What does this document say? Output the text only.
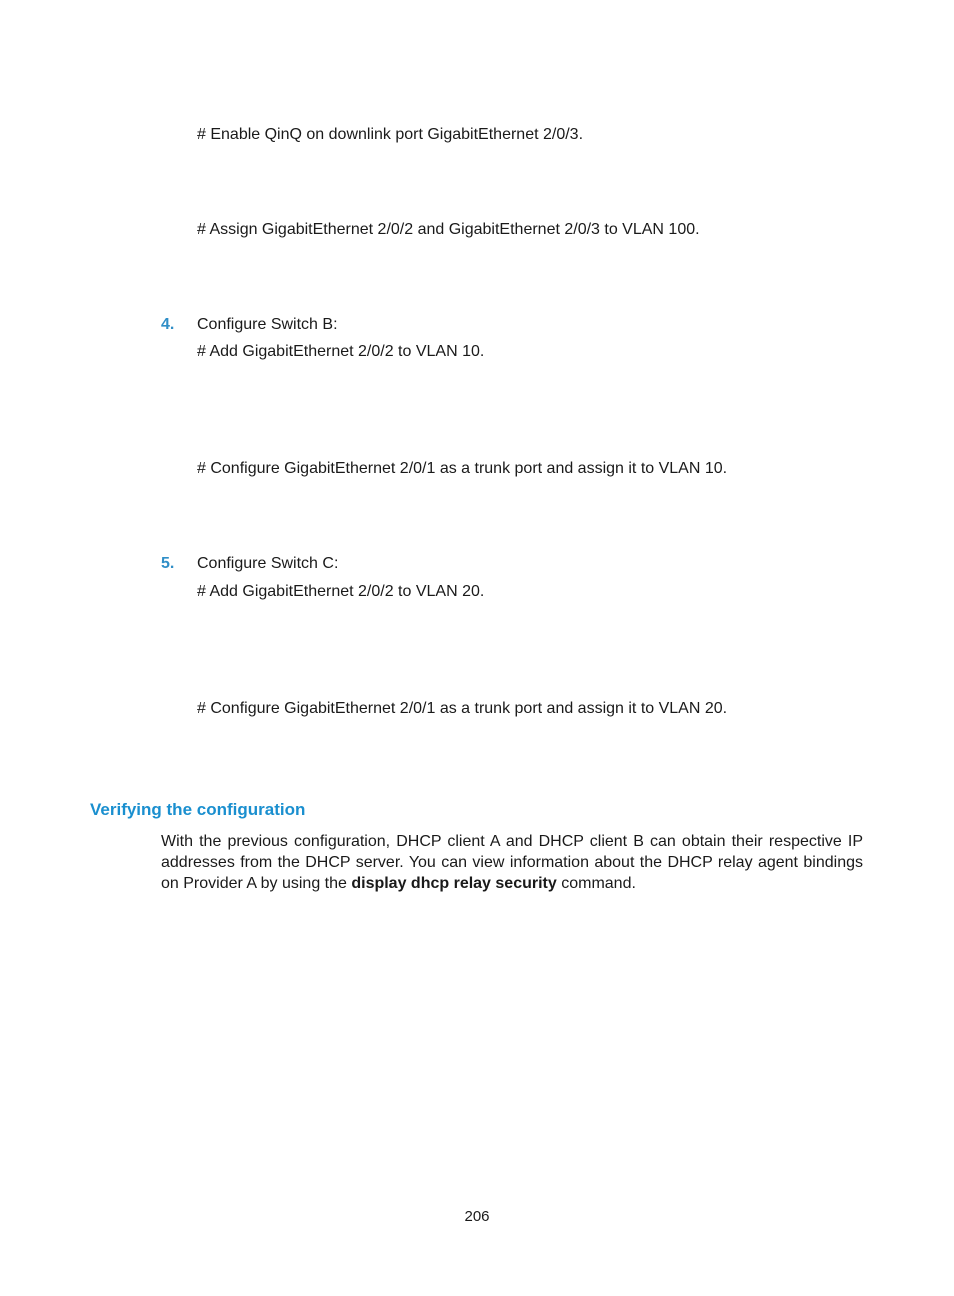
# Enable QinQ on downlink port GigabitEthernet 2/0/3.
# Assign GigabitEthernet 2/0/2 and GigabitEthernet 2/0/3 to VLAN 100.
4. Configure Switch B:
# Add GigabitEthernet 2/0/2 to VLAN 10.
# Configure GigabitEthernet 2/0/1 as a trunk port and assign it to VLAN 10.
5. Configure Switch C:
# Add GigabitEthernet 2/0/2 to VLAN 20.
# Configure GigabitEthernet 2/0/1 as a trunk port and assign it to VLAN 20.
Verifying the configuration
With the previous configuration, DHCP client A and DHCP client B can obtain their respective IP addresses from the DHCP server. You can view information about the DHCP relay agent bindings on Provider A by using the display dhcp relay security command.
206
